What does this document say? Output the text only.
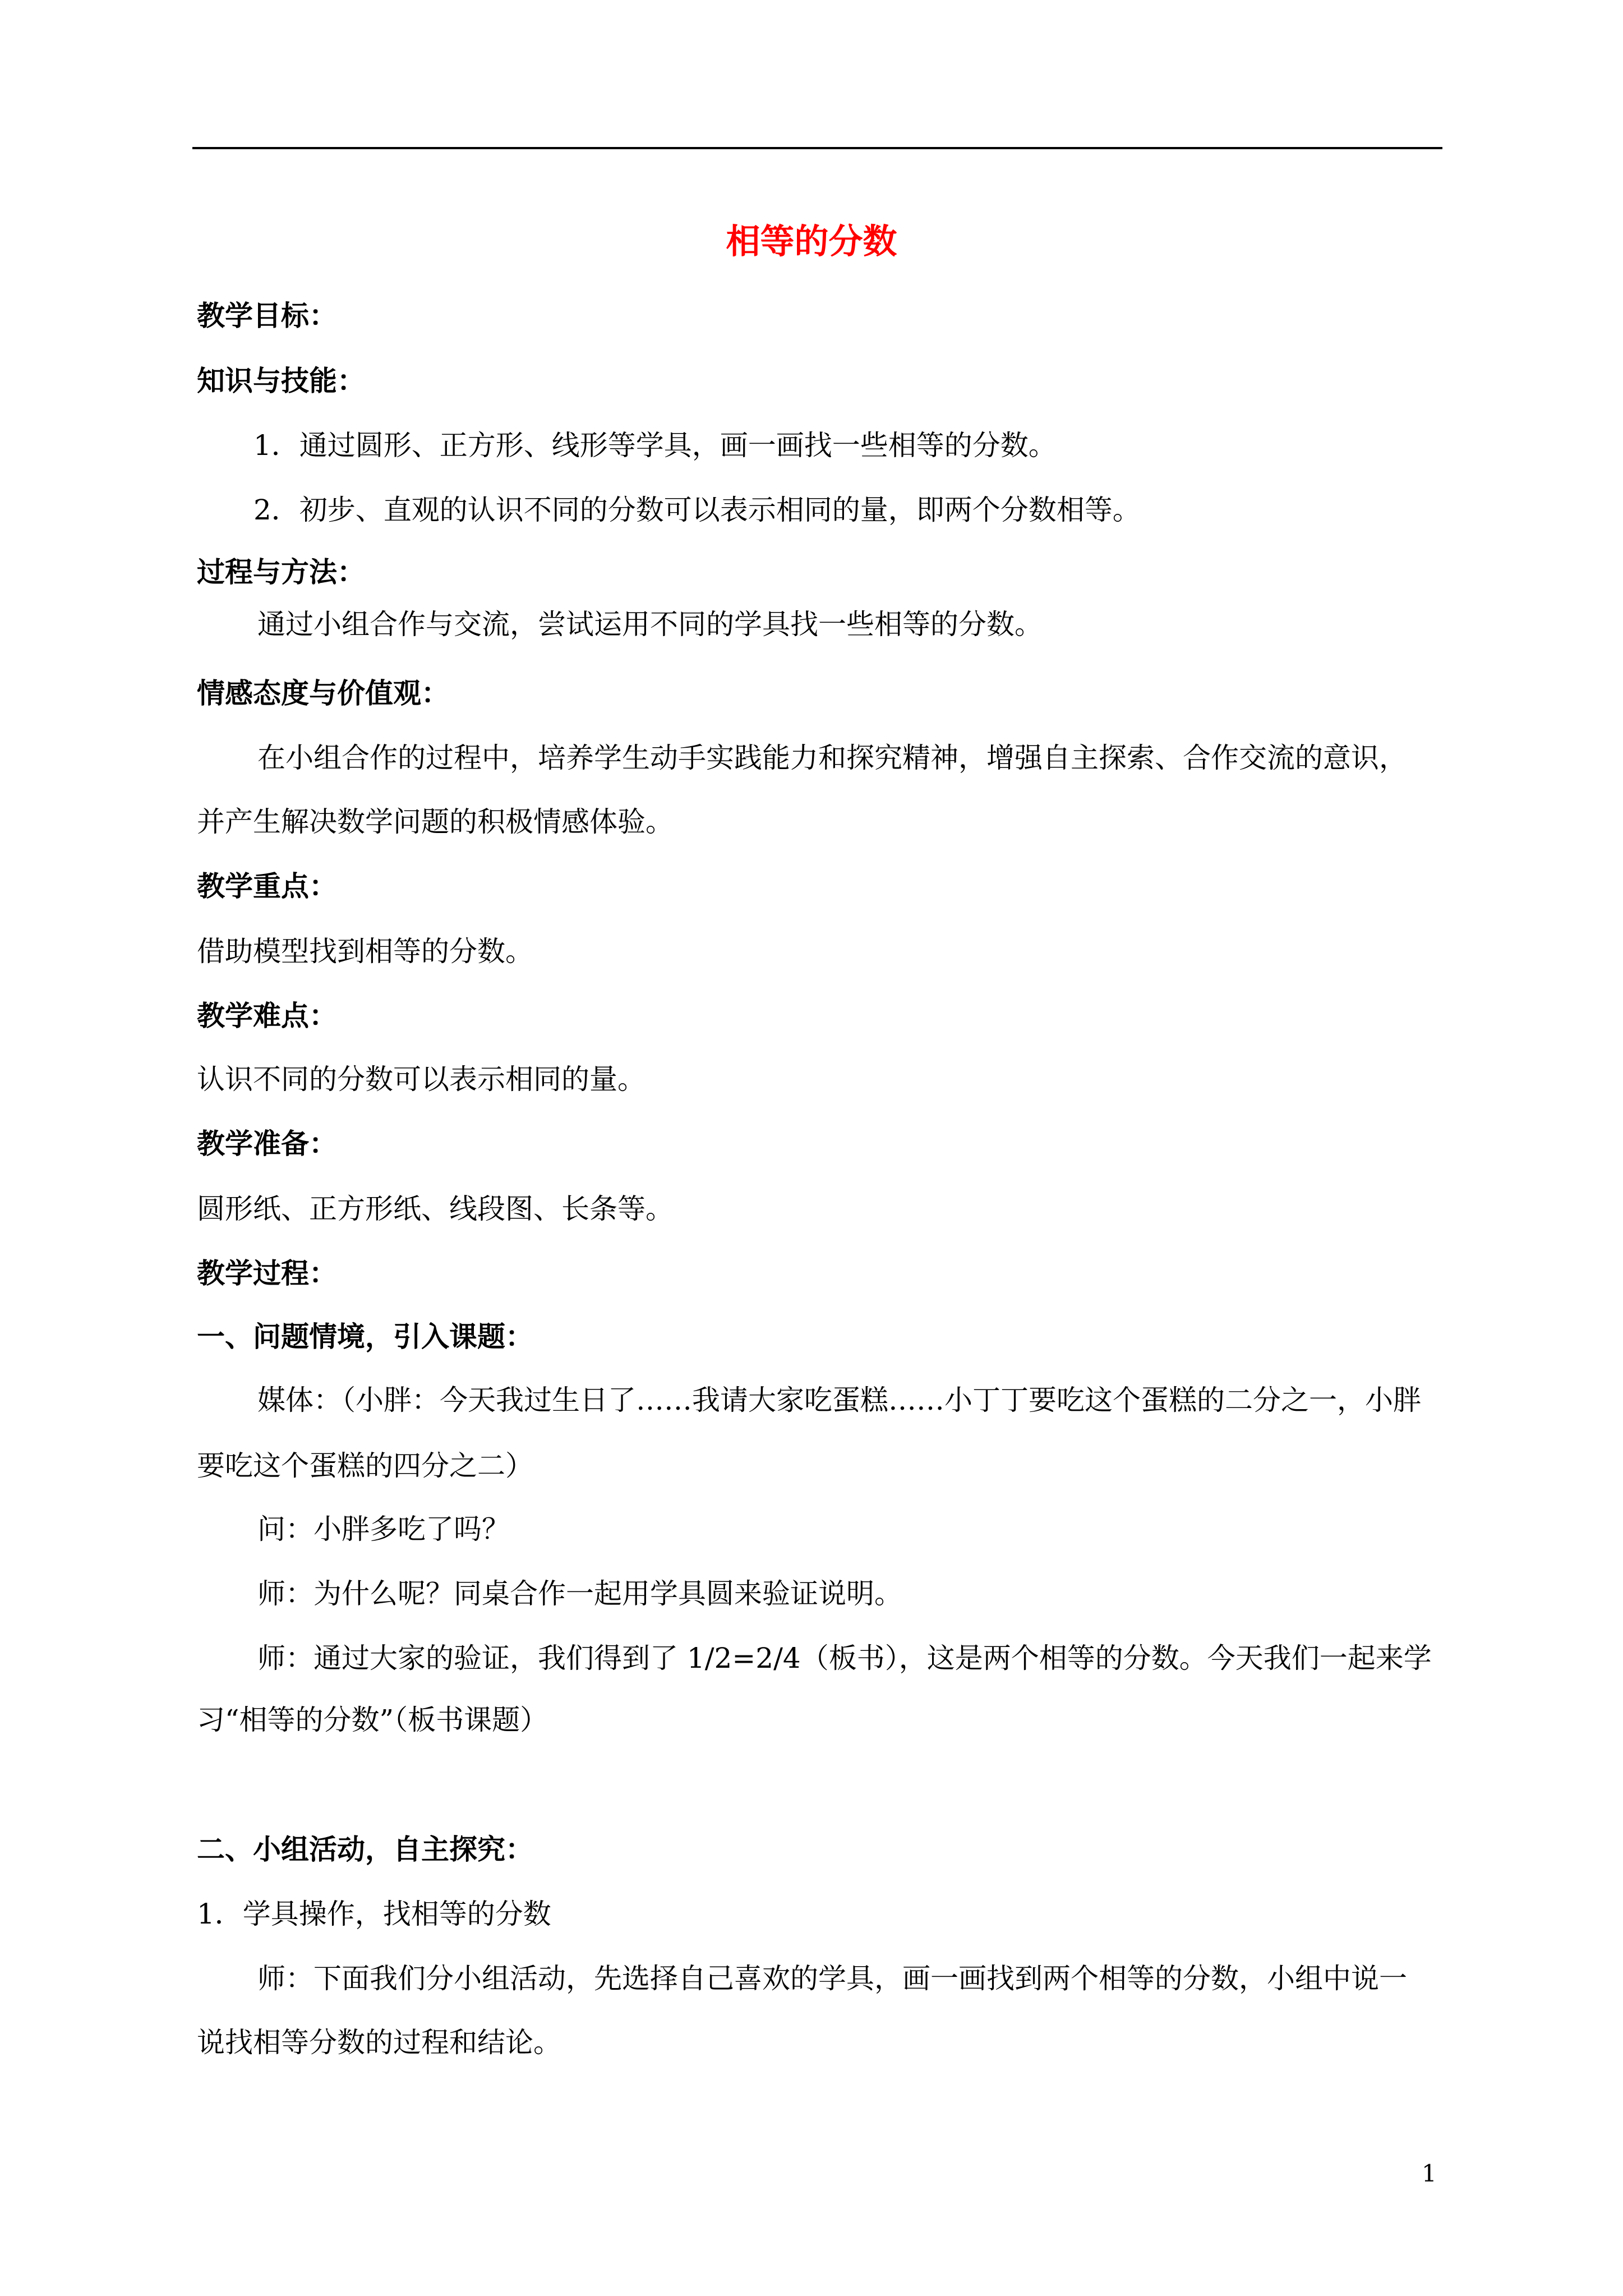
相等的分数
教学目标：
知识与技能：
1．通过圆形、正方形、线形等学具，画一画找一些相等的分数。
2．初步、直观的认识不同的分数可以表示相同的量，即两个分数相等。
过程与方法：
通过小组合作与交流，尝试运用不同的学具找一些相等的分数。
情感态度与价值观：
在小组合作的过程中，培养学生动手实践能力和探究精神，增强自主探索、合作交流的意识，
并产生解决数学问题的积极情感体验。
教学重点：
借助模型找到相等的分数。
教学难点：
认识不同的分数可以表示相同的量。
教学准备：
圆形纸、正方形纸、线段图、长条等。
教学过程：
一、问题情境，引入课题：
媒体：（小胖：今天我过生日了……我请大家吃蛋糕……小丁丁要吃这个蛋糕的二分之一，小胖
要吃这个蛋糕的四分之二）
问：小胖多吃了吗？
师：为什么呢？同桌合作一起用学具圆来验证说明。
师：通过大家的验证，我们得到了 1/2=2/4（板书），这是两个相等的分数。今天我们一起来学
习“相等的分数”（板书课题）
二、小组活动，自主探究：
1．学具操作，找相等的分数
师：下面我们分小组活动，先选择自己喜欢的学具，画一画找到两个相等的分数，小组中说一
说找相等分数的过程和结论。
1
